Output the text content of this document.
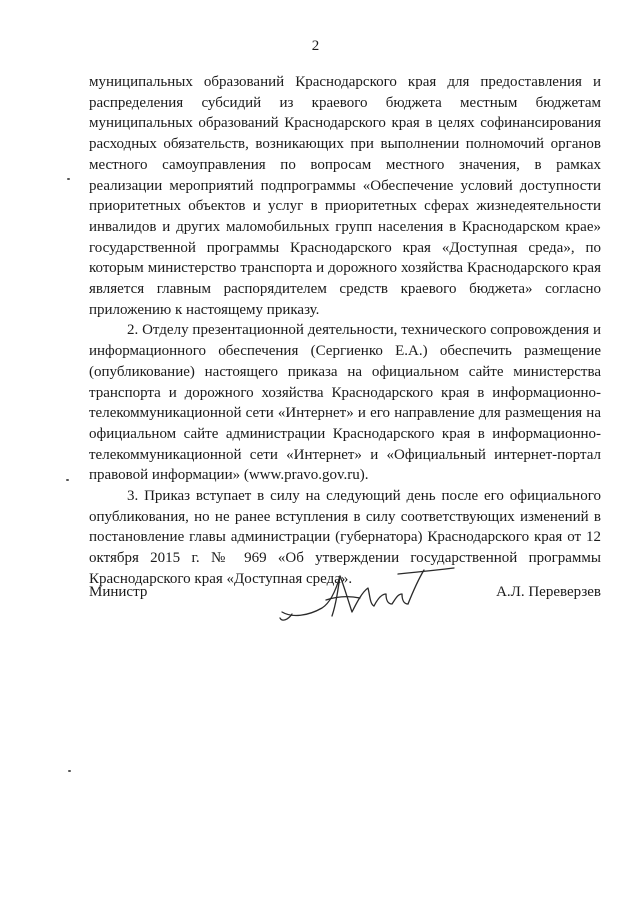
2

муниципальных образований Краснодарского края для предоставления и распределения субсидий из краевого бюджета местным бюджетам муниципальных образований Краснодарского края в целях софинансирования расходных обязательств, возникающих при выполнении полномочий органов местного самоуправления по вопросам местного значения, в рамках реализации мероприятий подпрограммы «Обеспечение условий доступности приоритетных объектов и услуг в приоритетных сферах жизнедеятельности инвалидов и других маломобильных групп населения в Краснодарском крае» государственной программы Краснодарского края «Доступная среда», по которым министерство транспорта и дорожного хозяйства Краснодарского края является главным распорядителем средств краевого бюджета» согласно приложению к настоящему приказу.

2. Отделу презентационной деятельности, технического сопровождения и информационного обеспечения (Сергиенко Е.А.) обеспечить размещение (опубликование) настоящего приказа на официальном сайте министерства транспорта и дорожного хозяйства Краснодарского края в информационно-телекоммуникационной сети «Интернет» и его направление для размещения на официальном сайте администрации Краснодарского края в информационно-телекоммуникационной сети «Интернет» и «Официальный интернет-портал правовой информации» (www.pravo.gov.ru).

3. Приказ вступает в силу на следующий день после его официального опубликования, но не ранее вступления в силу соответствующих изменений в постановление главы администрации (губернатора) Краснодарского края от 12 октября 2015 г. № 969 «Об утверждении государственной программы Краснодарского края «Доступная среда».

Министр	А.Л. Переверзев
